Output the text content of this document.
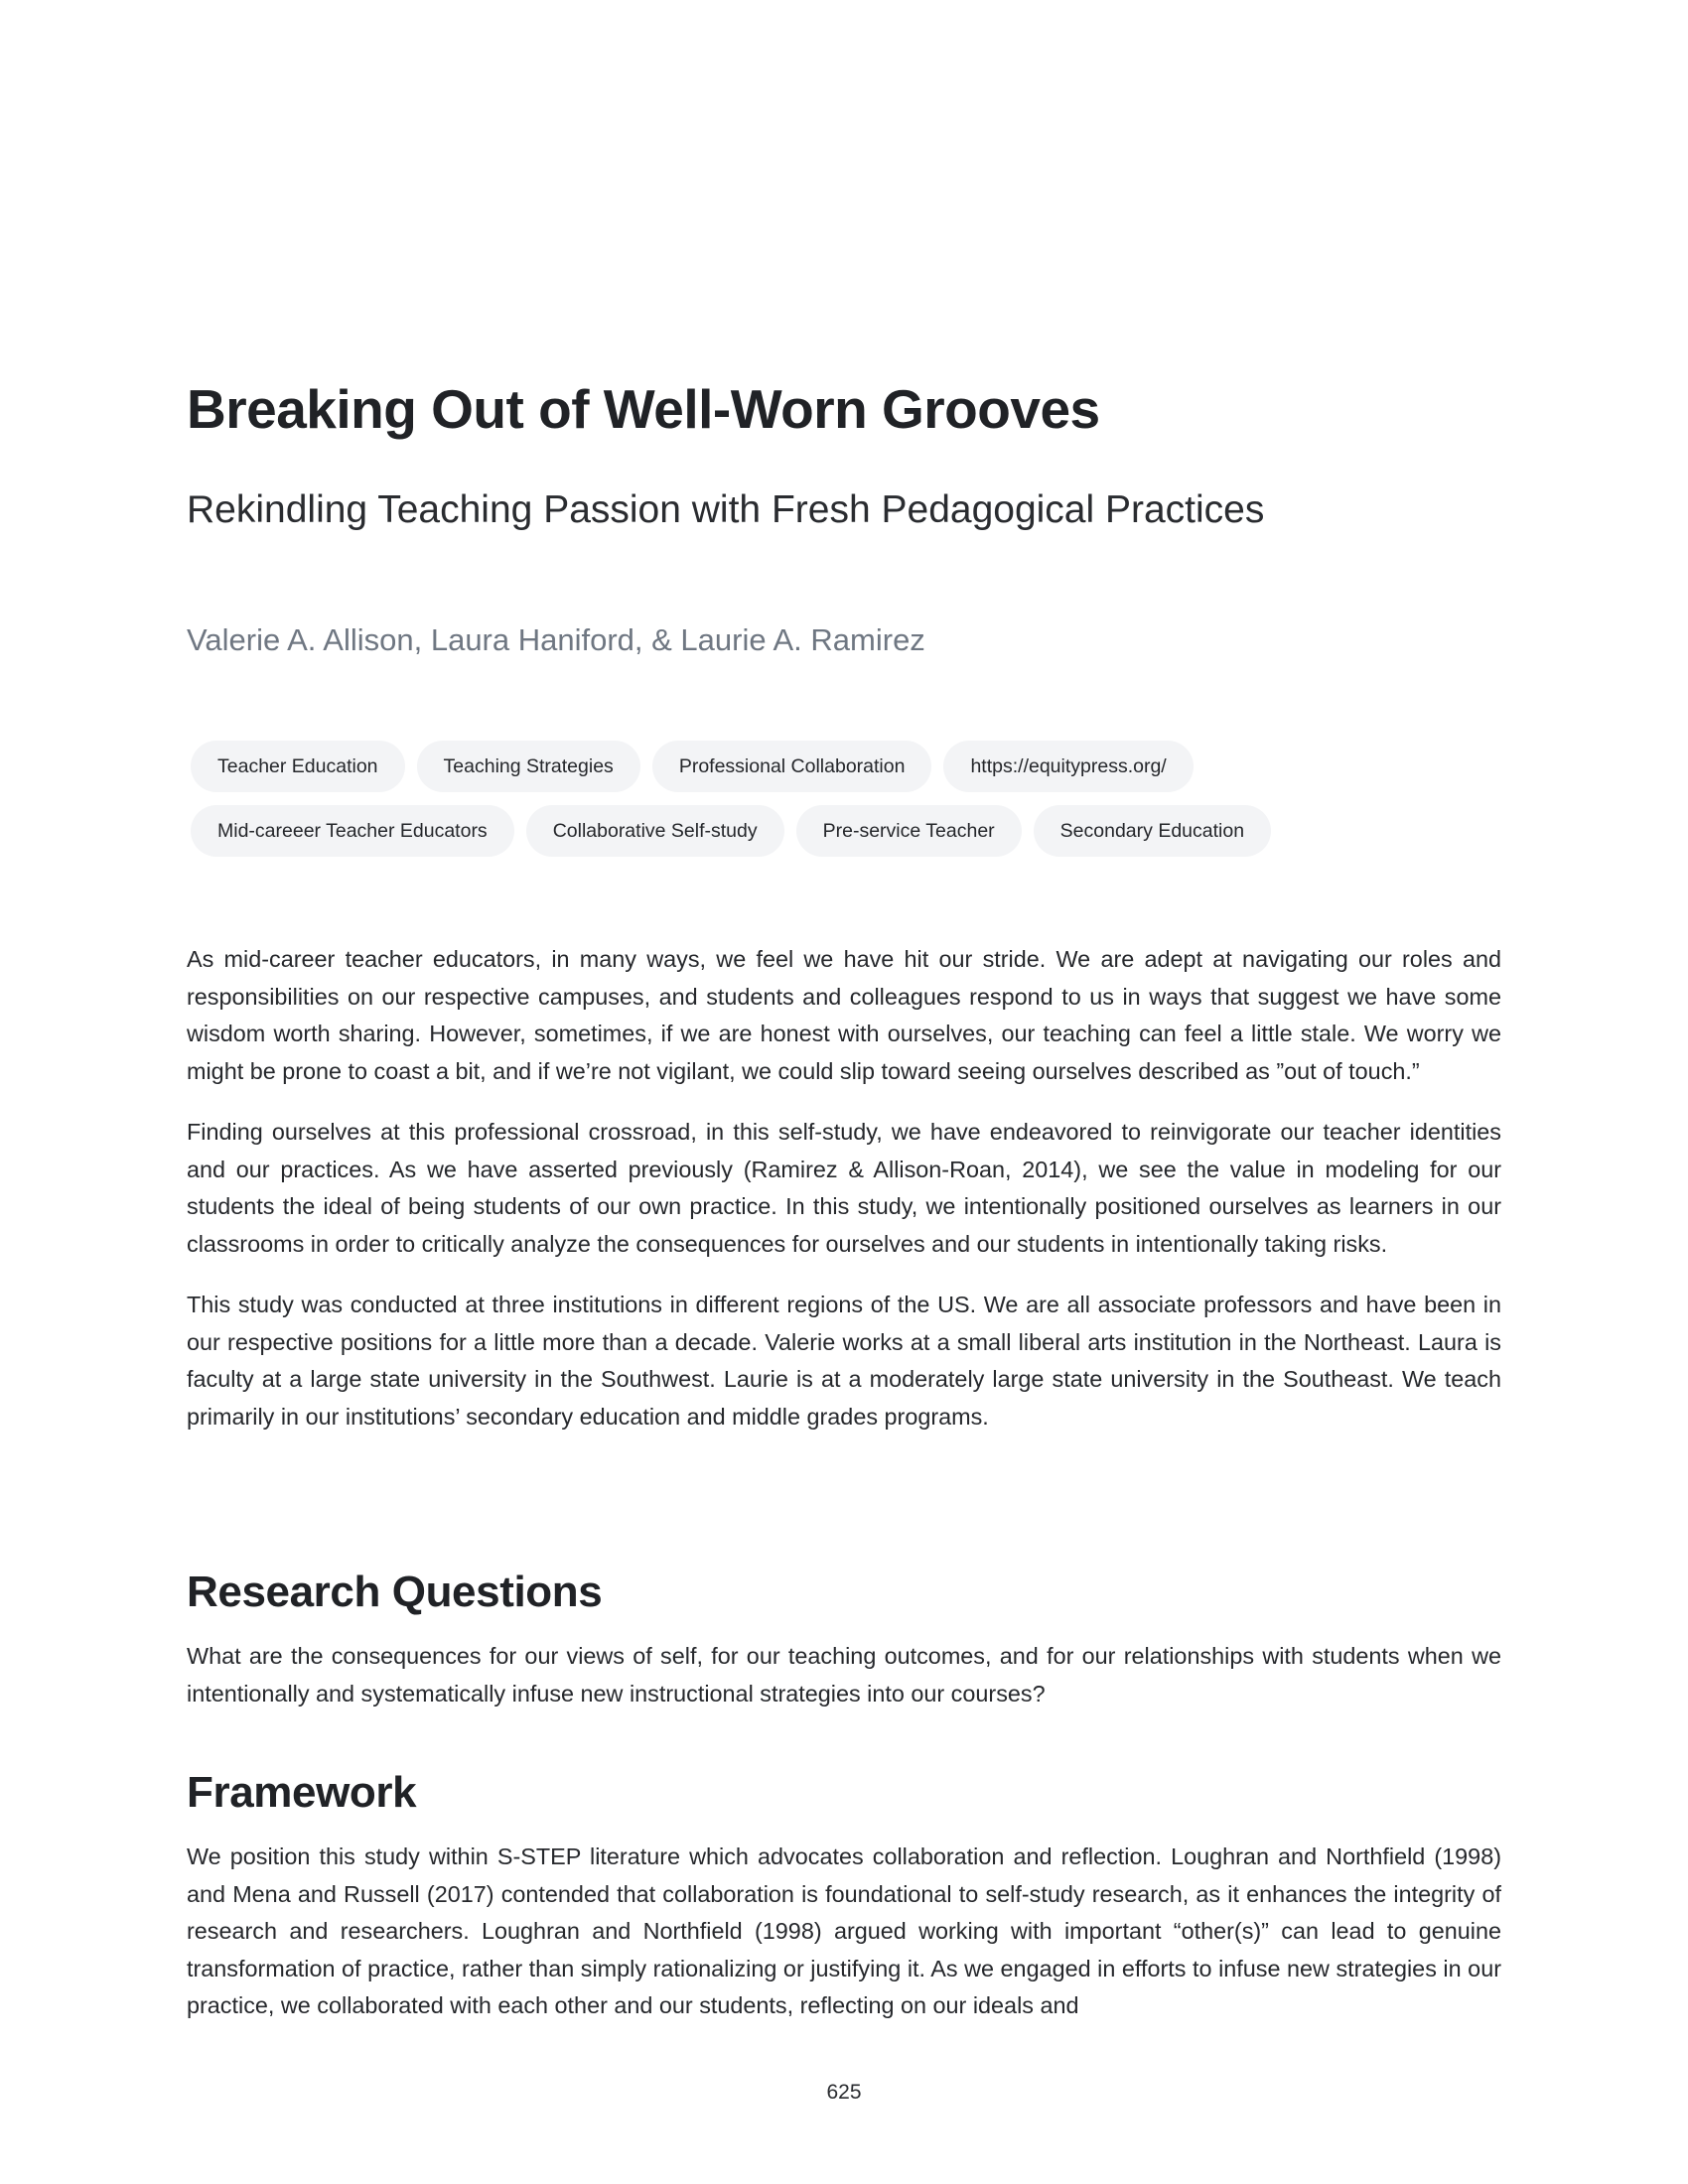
Breaking Out of Well-Worn Grooves
Rekindling Teaching Passion with Fresh Pedagogical Practices

Valerie A. Allison, Laura Haniford, & Laurie A. Ramirez

Teacher Education	Teaching Strategies	Professional Collaboration	https://equitypress.org/
Mid-careeer Teacher Educators	Collaborative Self-study	Pre-service Teacher	Secondary Education

As mid-career teacher educators, in many ways, we feel we have hit our stride. We are adept at navigating our roles and responsibilities on our respective campuses, and students and colleagues respond to us in ways that suggest we have some wisdom worth sharing. However, sometimes, if we are honest with ourselves, our teaching can feel a little stale. We worry we might be prone to coast a bit, and if we’re not vigilant, we could slip toward seeing ourselves described as ”out of touch.”

Finding ourselves at this professional crossroad, in this self-study, we have endeavored to reinvigorate our teacher identities and our practices. As we have asserted previously (Ramirez & Allison-Roan, 2014), we see the value in modeling for our students the ideal of being students of our own practice. In this study, we intentionally positioned ourselves as learners in our classrooms in order to critically analyze the consequences for ourselves and our students in intentionally taking risks.

This study was conducted at three institutions in different regions of the US. We are all associate professors and have been in our respective positions for a little more than a decade. Valerie works at a small liberal arts institution in the Northeast. Laura is faculty at a large state university in the Southwest. Laurie is at a moderately large state university in the Southeast. We teach primarily in our institutions’ secondary education and middle grades programs.

Research Questions

What are the consequences for our views of self, for our teaching outcomes, and for our relationships with students when we intentionally and systematically infuse new instructional strategies into our courses?

Framework

We position this study within S-STEP literature which advocates collaboration and reflection. Loughran and Northfield (1998) and Mena and Russell (2017) contended that collaboration is foundational to self-study research, as it enhances the integrity of research and researchers. Loughran and Northfield (1998) argued working with important “other(s)” can lead to genuine transformation of practice, rather than simply rationalizing or justifying it. As we engaged in efforts to infuse new strategies in our practice, we collaborated with each other and our students, reflecting on our ideals and

625
